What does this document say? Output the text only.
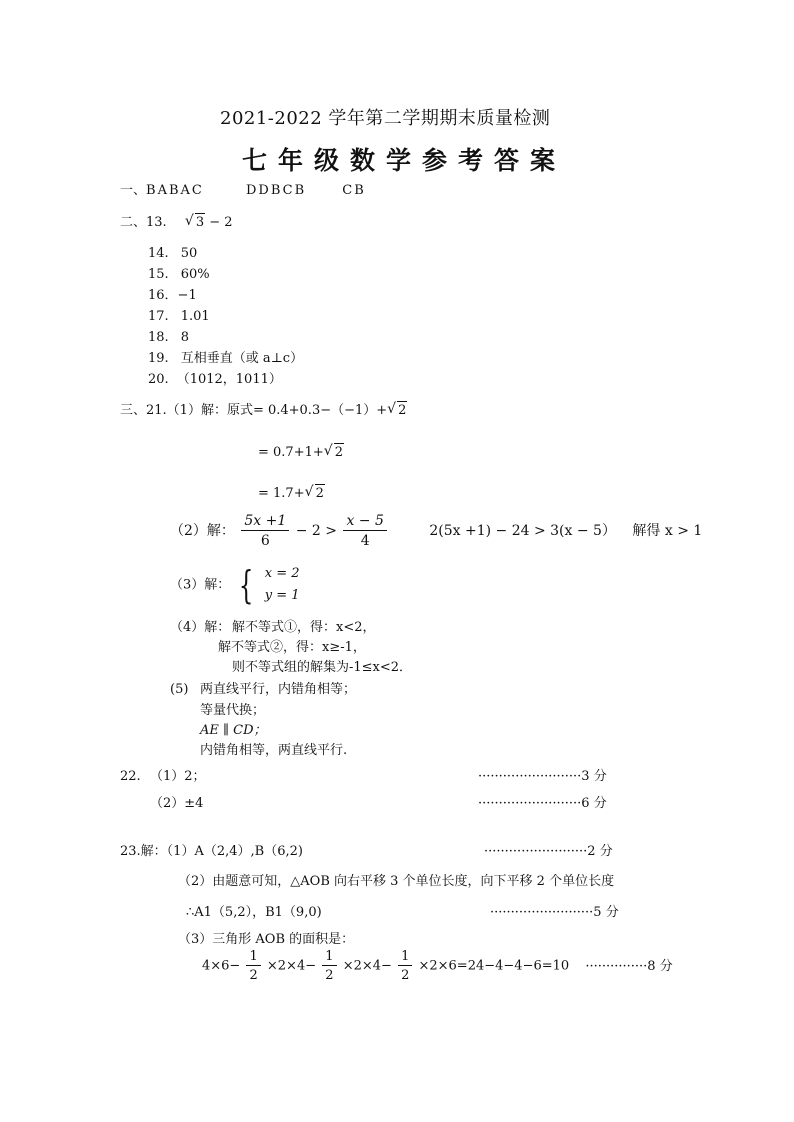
2021-2022 学年第二学期期末质量检测
七年级数学参考答案
一、BABAC	DDBCB	CB
二、13. √ 3 − 2
14. 50
15. 60%
16．−1
17. 1.01
18. 8
19. 互相垂直（或 a⊥c）
20. （1012，1011）
三、21.（1）解：原式= 0.4+0.3−（−1）+ √ 2
= 0.7+1+ √ 2
= 1.7+ √ 2
（2）解： $\frac{5x +1}{6} - 2 > \frac{x - 5}{4}$	2(5x +1) − 24 > 3(x − 5） 解得 x > 1
（3）解： { x = 2
y = 1
（4）解： 解不等式①，得：x<2，
解不等式②，得：x≥-1，
则不等式组的解集为-1≤x<2．
(5) 两直线平行，内错角相等；
等量代换；
AE ∥ CD；
内错角相等，两直线平行.
22. （1）2；	·························3 分
（2）±4	·························6 分
23.解：（1）A（2,4）,B（6,2)	·························2 分
（2）由题意可知，△AOB 向右平移 3 个单位长度，向下平移 2 个单位长度
∴A1（5,2），B1（9,0)	·························5 分
（3）三角形 AOB 的面积是：
$4\times 6- \frac{1}{2} \times 2\times 4- \frac{1}{2} \times 2\times 4- \frac{1}{2} \times 2\times 6=24-4-4-6=10 \cdot\cdot\cdot\cdot\cdot\cdot\cdot\cdot\cdot\cdot\cdot\cdot\cdot\cdot\cdot 8$ 分
